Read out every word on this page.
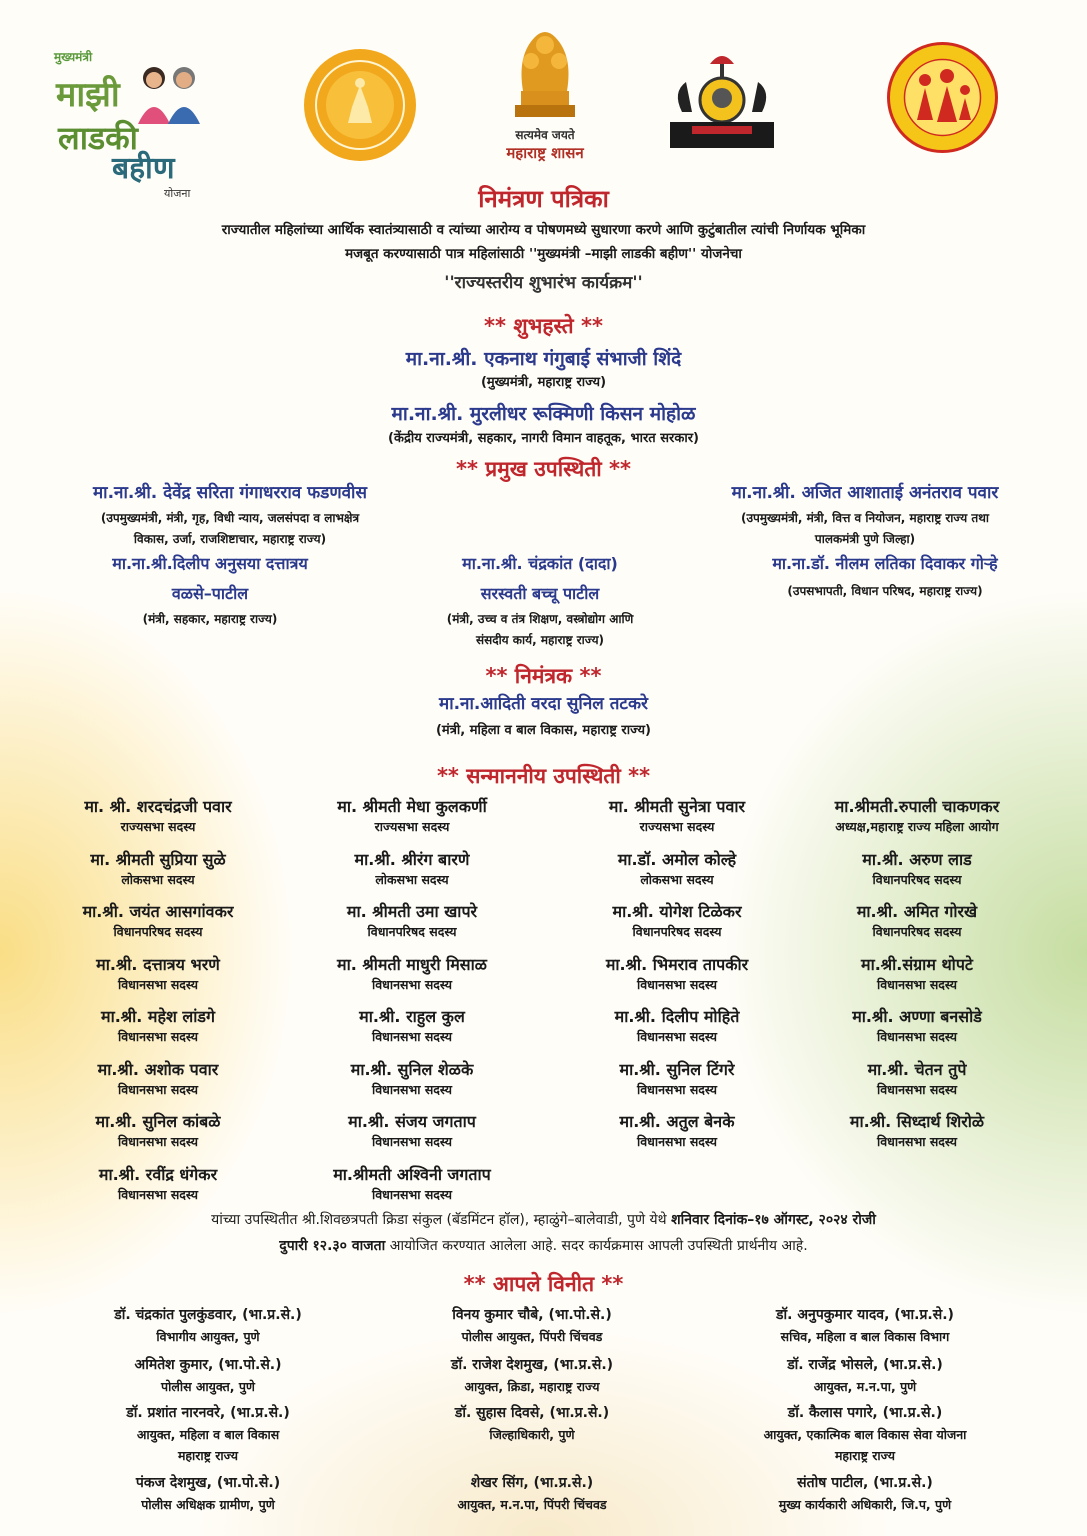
मुख्यमंत्री
माझी
लाडकी
बहीण
योजना
सत्यमेव जयते
महाराष्ट्र शासन
निमंत्रण पत्रिका
राज्यातील महिलांच्या आर्थिक स्वातंत्र्यासाठी व त्यांच्या आरोग्य व पोषणमध्ये सुधारणा करणे आणि कुटुंबातील त्यांची निर्णायक भूमिका
मजबूत करण्यासाठी पात्र महिलांसाठी ''मुख्यमंत्री –माझी लाडकी बहीण'' योजनेचा
''राज्यस्तरीय शुभारंभ कार्यक्रम''
** शुभहस्ते **
मा.ना.श्री. एकनाथ गंगुबाई संभाजी शिंदे
(मुख्यमंत्री, महाराष्ट्र राज्य)
मा.ना.श्री. मुरलीधर रूक्मिणी किसन मोहोळ
(केंद्रीय राज्यमंत्री, सहकार, नागरी विमान वाहतूक, भारत सरकार)
** प्रमुख उपस्थिती **
मा.ना.श्री. देवेंद्र सरिता गंगाधरराव फडणवीस
(उपमुख्यमंत्री, मंत्री, गृह, विधी न्याय, जलसंपदा व लाभक्षेत्र
विकास, उर्जा, राजशिष्टाचार, महाराष्ट्र राज्य)
मा.ना.श्री. अजित आशाताई अनंतराव पवार
(उपमुख्यमंत्री, मंत्री, वित्त व नियोजन, महाराष्ट्र राज्य तथा
पालकमंत्री पुणे जिल्हा)
मा.ना.श्री.दिलीप अनुसया दत्तात्रय
वळसे–पाटील
(मंत्री, सहकार, महाराष्ट्र राज्य)
मा.ना.श्री. चंद्रकांत (दादा)
सरस्वती बच्चू पाटील
(मंत्री, उच्च व तंत्र शिक्षण, वस्त्रोद्योग आणि
संसदीय कार्य, महाराष्ट्र राज्य)
मा.ना.डॉ. नीलम लतिका दिवाकर गोऱ्हे
(उपसभापती, विधान परिषद, महाराष्ट्र राज्य)
** निमंत्रक **
मा.ना.आदिती वरदा सुनिल तटकरे
(मंत्री, महिला व बाल विकास, महाराष्ट्र राज्य)
** सन्माननीय उपस्थिती **
मा. श्री. शरदचंद्रजी पवार
राज्यसभा सदस्य
मा. श्रीमती मेधा कुलकर्णी
राज्यसभा सदस्य
मा. श्रीमती सुनेत्रा पवार
राज्यसभा सदस्य
मा.श्रीमती.रुपाली चाकणकर
अध्यक्ष,महाराष्ट्र राज्य महिला आयोग
मा. श्रीमती सुप्रिया सुळे
लोकसभा सदस्य
मा.श्री. श्रीरंग बारणे
लोकसभा सदस्य
मा.डॉ. अमोल कोल्हे
लोकसभा सदस्य
मा.श्री. अरुण लाड
विधानपरिषद सदस्य
मा.श्री. जयंत आसगांवकर
विधानपरिषद सदस्य
मा. श्रीमती उमा खापरे
विधानपरिषद सदस्य
मा.श्री. योगेश टिळेकर
विधानपरिषद सदस्य
मा.श्री. अमित गोरखे
विधानपरिषद सदस्य
मा.श्री. दत्तात्रय भरणे
विधानसभा सदस्य
मा. श्रीमती माधुरी मिसाळ
विधानसभा सदस्य
मा.श्री. भिमराव तापकीर
विधानसभा सदस्य
मा.श्री.संग्राम थोपटे
विधानसभा सदस्य
मा.श्री. महेश लांडगे
विधानसभा सदस्य
मा.श्री. राहुल कुल
विधानसभा सदस्य
मा.श्री. दिलीप मोहिते
विधानसभा सदस्य
मा.श्री. अण्णा बनसोडे
विधानसभा सदस्य
मा.श्री. अशोक पवार
विधानसभा सदस्य
मा.श्री. सुनिल शेळके
विधानसभा सदस्य
मा.श्री. सुनिल टिंगरे
विधानसभा सदस्य
मा.श्री. चेतन तुपे
विधानसभा सदस्य
मा.श्री. सुनिल कांबळे
विधानसभा सदस्य
मा.श्री. संजय जगताप
विधानसभा सदस्य
मा.श्री. अतुल बेनके
विधानसभा सदस्य
मा.श्री. सिध्दार्थ शिरोळे
विधानसभा सदस्य
मा.श्री. रवींद्र धंगेकर
विधानसभा सदस्य
मा.श्रीमती अश्विनी जगताप
विधानसभा सदस्य
यांच्या उपस्थितीत श्री.शिवछत्रपती क्रिडा संकुल (बॅडमिंटन हॉल), म्हाळुंगे–बालेवाडी, पुणे येथे शनिवार दिनांक–१७ ऑगस्ट, २०२४ रोजी
दुपारी १२.३० वाजता आयोजित करण्यात आलेला आहे. सदर कार्यक्रमास आपली उपस्थिती प्रार्थनीय आहे.
** आपले विनीत **
डॉ. चंद्रकांत पुलकुंडवार, (भा.प्र.से.)
विभागीय आयुक्त, पुणे
विनय कुमार चौबे, (भा.पो.से.)
पोलीस आयुक्त, पिंपरी चिंचवड
डॉ. अनुपकुमार यादव, (भा.प्र.से.)
सचिव, महिला व बाल विकास विभाग
अमितेश कुमार, (भा.पो.से.)
पोलीस आयुक्त, पुणे
डॉ. राजेश देशमुख, (भा.प्र.से.)
आयुक्त, क्रिडा, महाराष्ट्र राज्य
डॉ. राजेंद्र भोसले, (भा.प्र.से.)
आयुक्त, म.न.पा, पुणे
डॉ. प्रशांत नारनवरे, (भा.प्र.से.)
आयुक्त, महिला व बाल विकास
महाराष्ट्र राज्य
डॉ. सुहास दिवसे, (भा.प्र.से.)
जिल्हाधिकारी, पुणे
डॉ. कैलास पगारे, (भा.प्र.से.)
आयुक्त, एकात्मिक बाल विकास सेवा योजना
महाराष्ट्र राज्य
पंकज देशमुख, (भा.पो.से.)
पोलीस अधिक्षक ग्रामीण, पुणे
शेखर सिंग, (भा.प्र.से.)
आयुक्त, म.न.पा, पिंपरी चिंचवड
संतोष पाटील, (भा.प्र.से.)
मुख्य कार्यकारी अधिकारी, जि.प, पुणे
